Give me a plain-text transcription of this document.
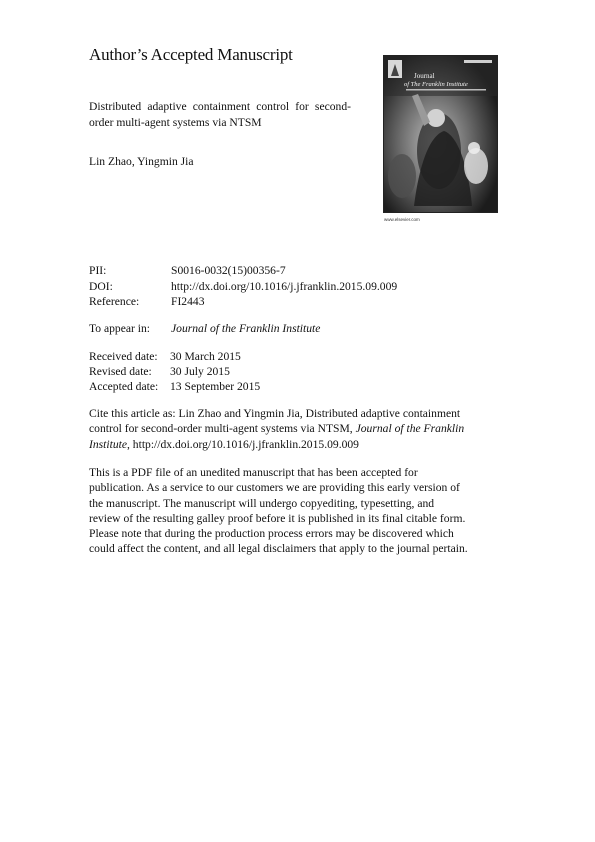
Author’s Accepted Manuscript
Distributed adaptive containment control for second-order multi-agent systems via NTSM
Lin Zhao, Yingmin Jia
Journal
of The Franklin Institute
www.elsevier.com
PII:	S0016-0032(15)00356-7
DOI:	http://dx.doi.org/10.1016/j.jfranklin.2015.09.009
Reference:	FI2443
To appear in: Journal of the Franklin Institute
Received date: 30 March 2015
Revised date: 30 July 2015
Accepted date: 13 September 2015
Cite this article as: Lin Zhao and Yingmin Jia, Distributed adaptive containment
control for second-order multi-agent systems via NTSM, Journal of the Franklin
Institute, http://dx.doi.org/10.1016/j.jfranklin.2015.09.009
This is a PDF file of an unedited manuscript that has been accepted for
publication. As a service to our customers we are providing this early version of
the manuscript. The manuscript will undergo copyediting, typesetting, and
review of the resulting galley proof before it is published in its final citable form.
Please note that during the production process errors may be discovered which
could affect the content, and all legal disclaimers that apply to the journal pertain.
